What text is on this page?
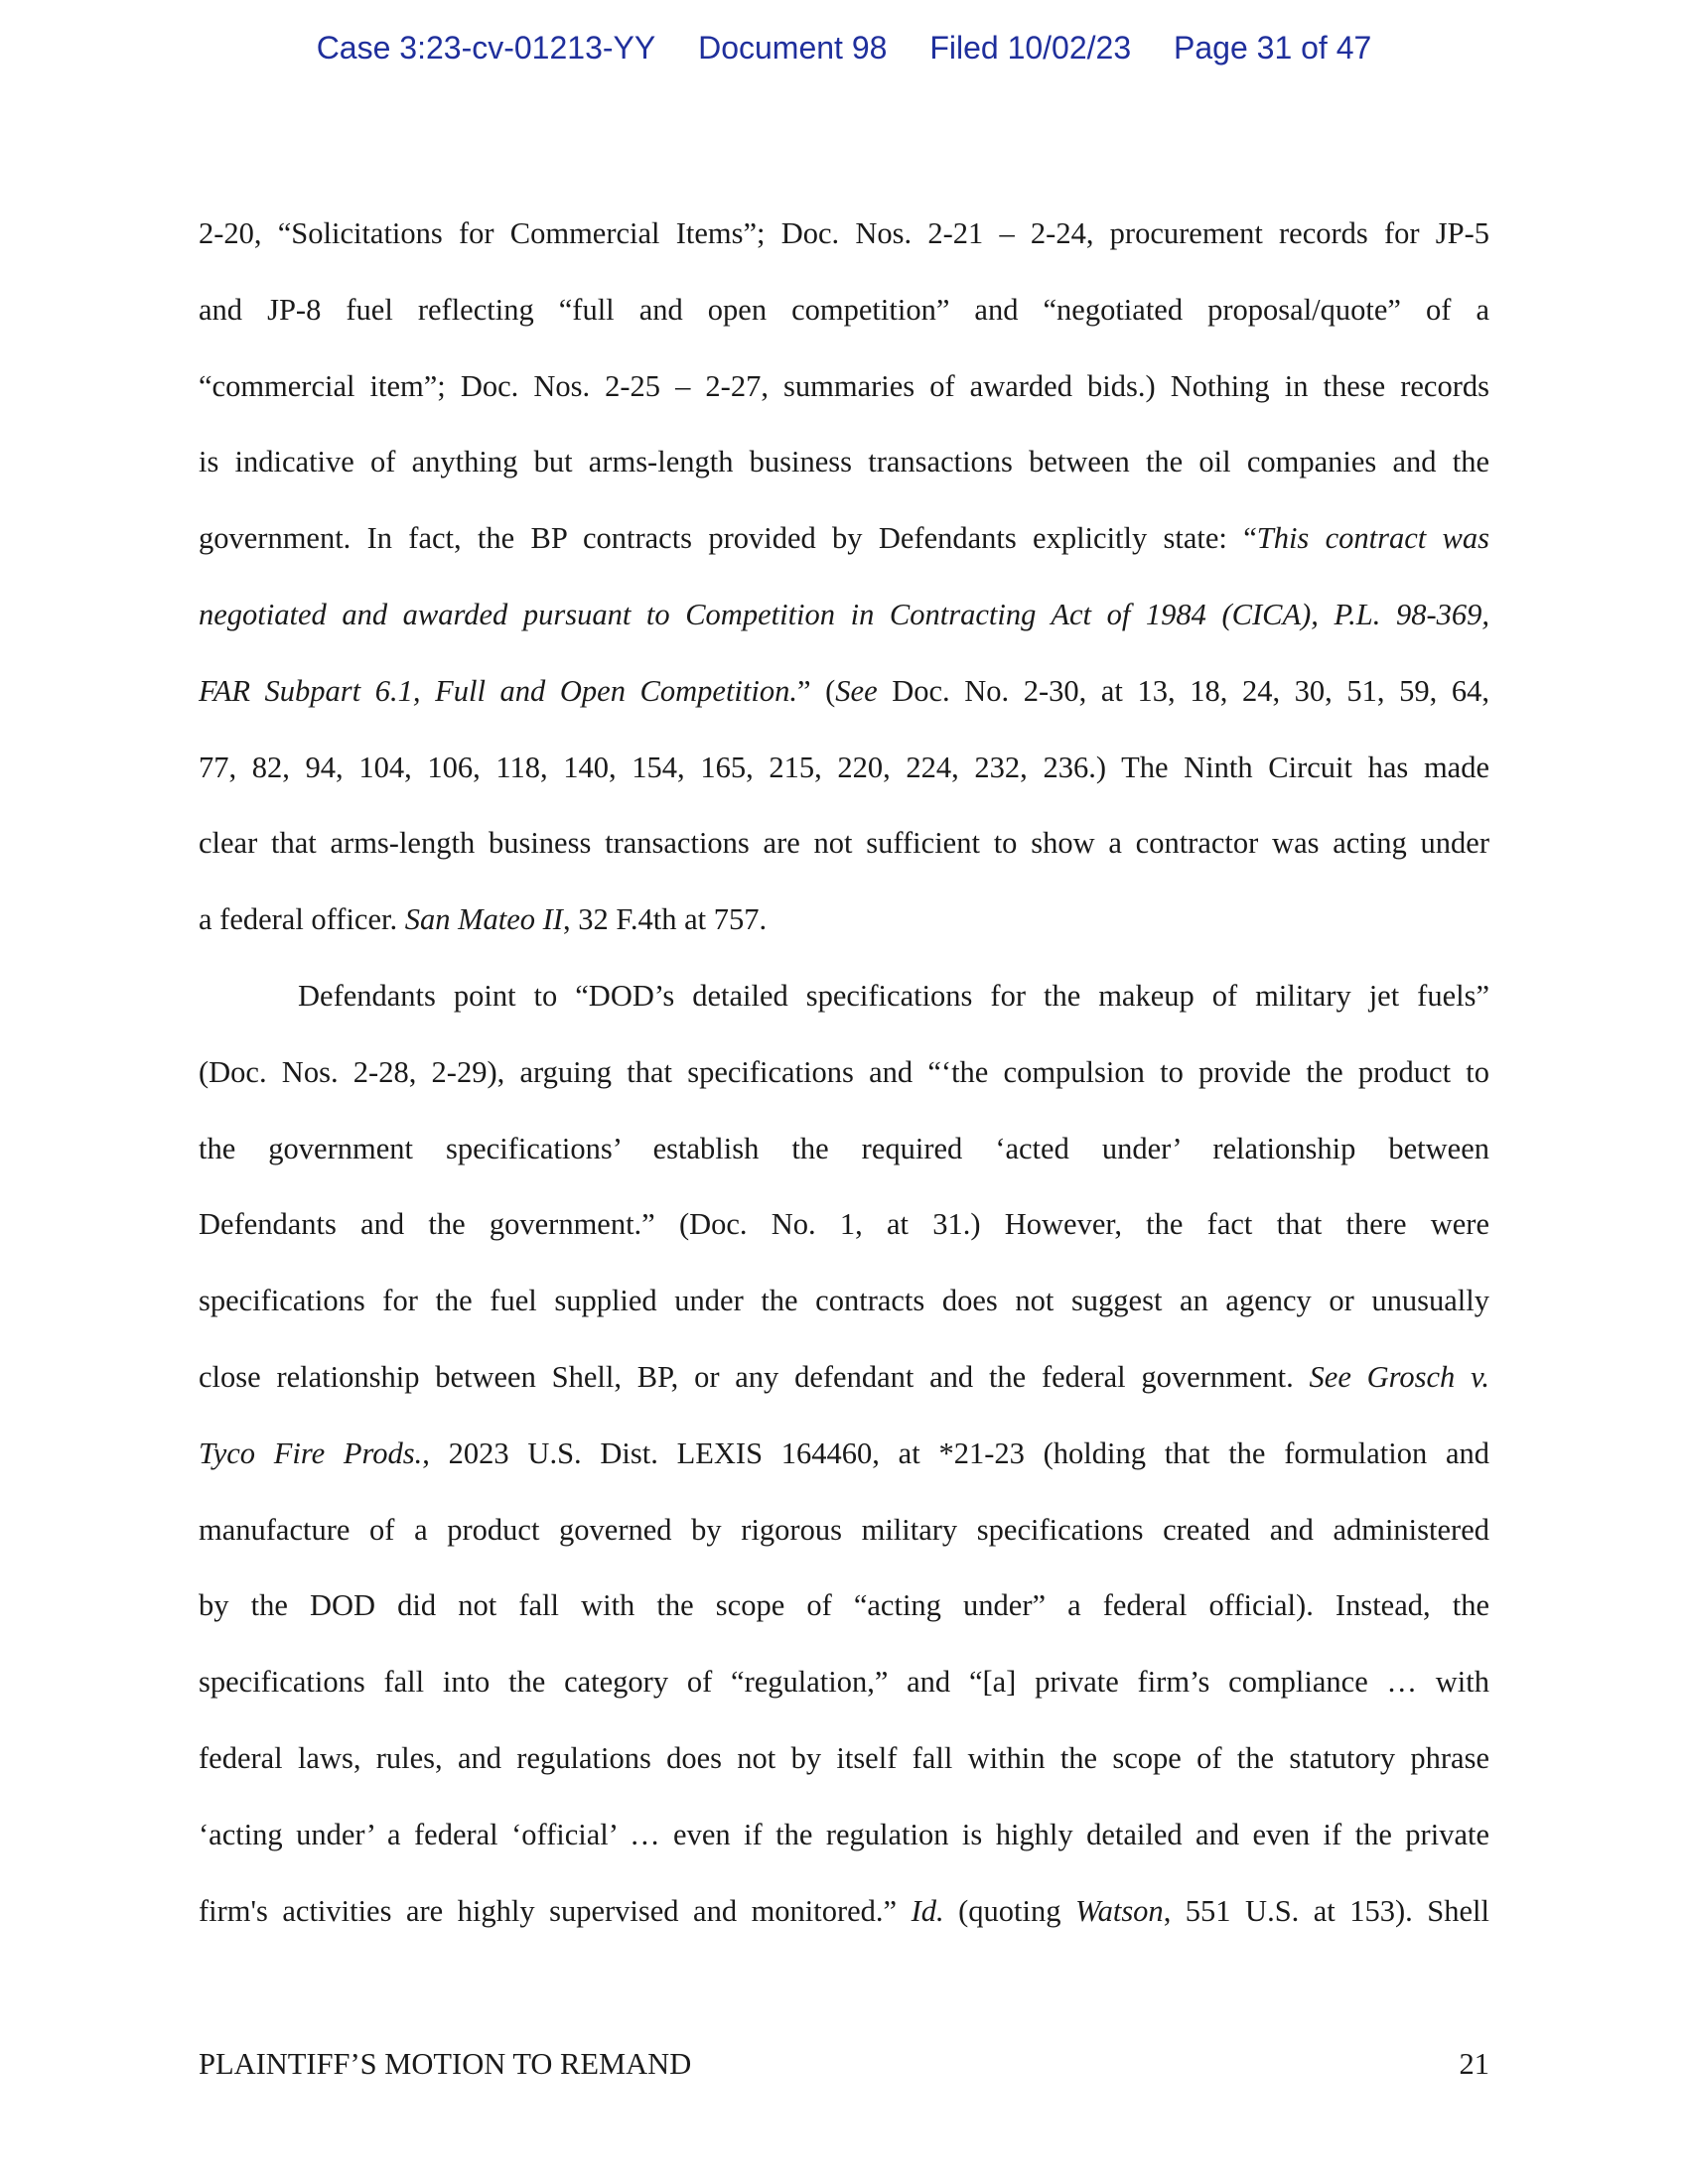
Case 3:23-cv-01213-YY Document 98 Filed 10/02/23 Page 31 of 47
2-20, “Solicitations for Commercial Items”; Doc. Nos. 2-21 – 2-24, procurement records for JP-5
and JP-8 fuel reflecting “full and open competition” and “negotiated proposal/quote” of a
“commercial item”; Doc. Nos. 2-25 – 2-27, summaries of awarded bids.) Nothing in these records
is indicative of anything but arms-length business transactions between the oil companies and the
government. In fact, the BP contracts provided by Defendants explicitly state: “This contract was
negotiated and awarded pursuant to Competition in Contracting Act of 1984 (CICA), P.L. 98-369,
FAR Subpart 6.1, Full and Open Competition.” (See Doc. No. 2-30, at 13, 18, 24, 30, 51, 59, 64,
77, 82, 94, 104, 106, 118, 140, 154, 165, 215, 220, 224, 232, 236.) The Ninth Circuit has made
clear that arms-length business transactions are not sufficient to show a contractor was acting under
a federal officer. San Mateo II, 32 F.4th at 757.
Defendants point to “DOD’s detailed specifications for the makeup of military jet fuels”
(Doc. Nos. 2-28, 2-29), arguing that specifications and “‘the compulsion to provide the product to
the government specifications’ establish the required ‘acted under’ relationship between
Defendants and the government.” (Doc. No. 1, at 31.) However, the fact that there were
specifications for the fuel supplied under the contracts does not suggest an agency or unusually
close relationship between Shell, BP, or any defendant and the federal government. See Grosch v.
Tyco Fire Prods., 2023 U.S. Dist. LEXIS 164460, at *21-23 (holding that the formulation and
manufacture of a product governed by rigorous military specifications created and administered
by the DOD did not fall with the scope of “acting under” a federal official). Instead, the
specifications fall into the category of “regulation,” and “[a] private firm’s compliance … with
federal laws, rules, and regulations does not by itself fall within the scope of the statutory phrase
‘acting under’ a federal ‘official’ … even if the regulation is highly detailed and even if the private
firm's activities are highly supervised and monitored.” Id. (quoting Watson, 551 U.S. at 153). Shell
PLAINTIFF’S MOTION TO REMAND	21
